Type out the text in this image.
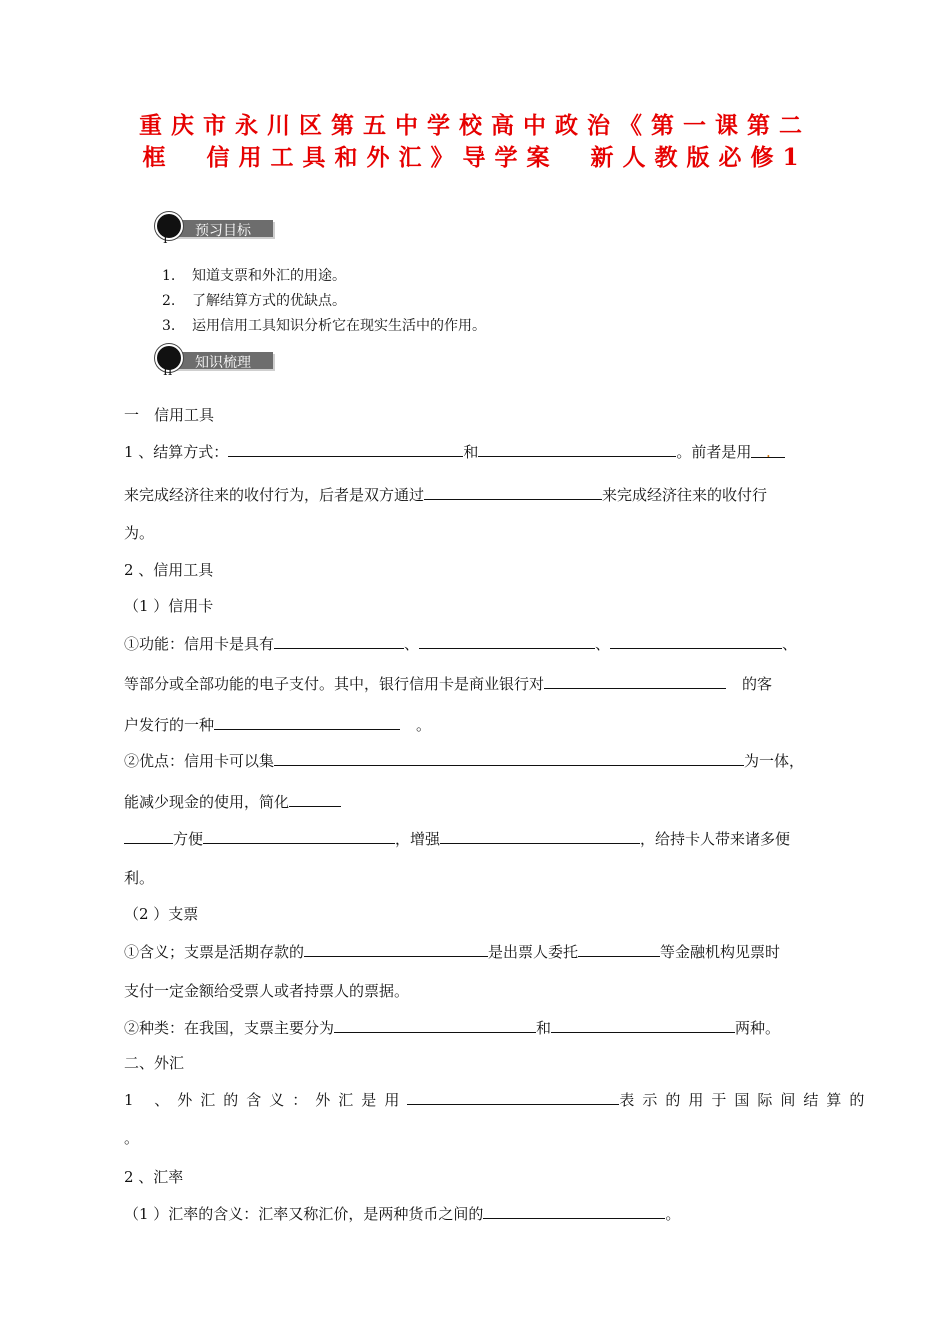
重庆市永川区第五中学校高中政治《第一课第二
框　信用工具和外汇》导学案　新人教版必修1
预习目标
I
1. 知道支票和外汇的用途。
2. 了解结算方式的优缺点。
3. 运用信用工具知识分析它在现实生活中的作用。
知识梳理
II
一　信用工具
1 、结算方式：	和	。前者是用 .
来完成经济往来的收付行为，后者是双方通过	来完成经济往来的收付行
为。
2 、信用工具
（1 ）信用卡
①功能：信用卡是具有	、	、	、
等部分或全部功能的电子支付。其中，银行信用卡是商业银行对	的客
户发行的一种	。
②优点：信用卡可以集	为一体，
能减少现金的使用，简化
方便	，增强	，给持卡人带来诸多便
利。
（2 ）支票
①含义；支票是活期存款的	是出票人委托	等金融机构见票时
支付一定金额给受票人或者持票人的票据。
②种类：在我国，支票主要分为	和	两种。
二、外汇
1 、外汇的含义：外汇是用	表示的用于国际间结算的
。
2 、汇率
（1 ）汇率的含义：汇率又称汇价，是两种货币之间的	。
